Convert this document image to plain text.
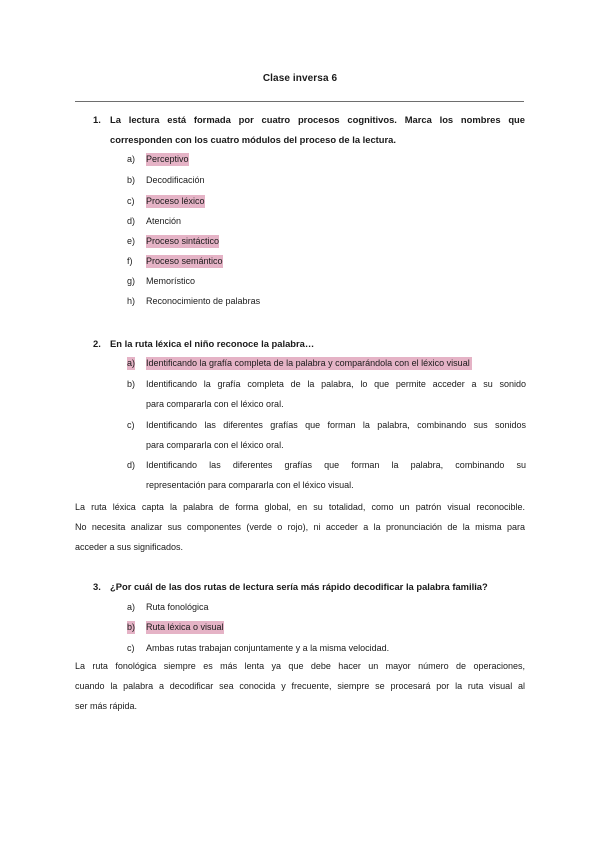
Clase inversa 6
1. La lectura está formada por cuatro procesos cognitivos. Marca los nombres que
corresponden con los cuatro módulos del proceso de la lectura.
a) Perceptivo
b) Decodificación
c) Proceso léxico
d) Atención
e) Proceso sintáctico
f) Proceso semántico
g) Memorístico
h) Reconocimiento de palabras
2. En la ruta léxica el niño reconoce la palabra…
a) Identificando la grafía completa de la palabra y comparándola con el léxico visual
b) Identificando la grafía completa de la palabra, lo que permite acceder a su sonido
para compararla con el léxico oral.
c) Identificando las diferentes grafías que forman la palabra, combinando sus sonidos
para compararla con el léxico oral.
d) Identificando las diferentes grafías que forman la palabra, combinando su
representación para compararla con el léxico visual.
La ruta léxica capta la palabra de forma global, en su totalidad, como un patrón visual reconocible.
No necesita analizar sus componentes (verde o rojo), ni acceder a la pronunciación de la misma para
acceder a sus significados.
3. ¿Por cuál de las dos rutas de lectura sería más rápido decodificar la palabra familia?
a) Ruta fonológica
b) Ruta léxica o visual
c) Ambas rutas trabajan conjuntamente y a la misma velocidad.
La ruta fonológica siempre es más lenta ya que debe hacer un mayor número de operaciones,
cuando la palabra a decodificar sea conocida y frecuente, siempre se procesará por la ruta visual al
ser más rápida.
